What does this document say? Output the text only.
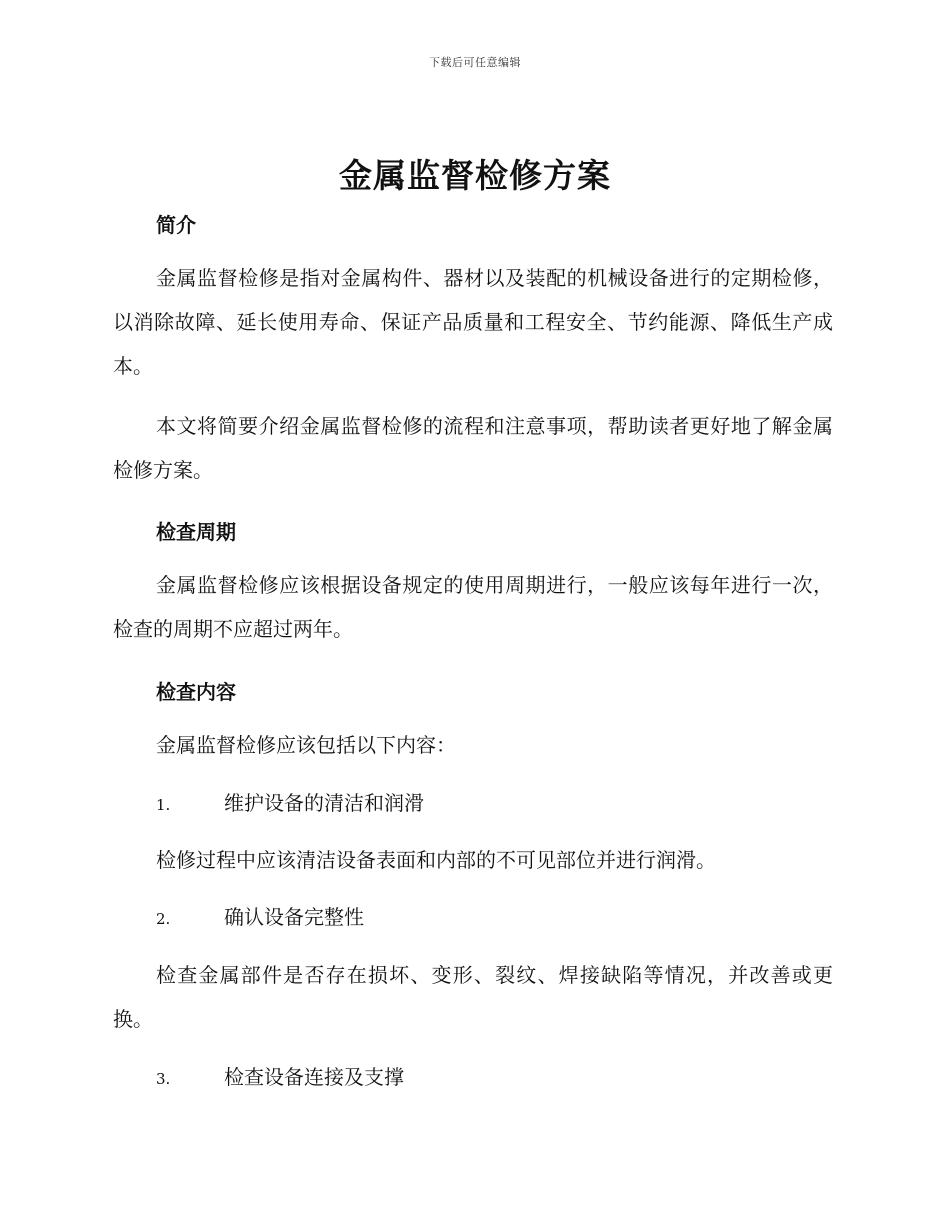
下载后可任意编辑
金属监督检修方案
简介

金属监督检修是指对金属构件、器材以及装配的机械设备进行的定期检修，以消除故障、延长使用寿命、保证产品质量和工程安全、节约能源、降低生产成本。

本文将简要介绍金属监督检修的流程和注意事项，帮助读者更好地了解金属检修方案。

检查周期

金属监督检修应该根据设备规定的使用周期进行，一般应该每年进行一次，检查的周期不应超过两年。

检查内容

金属监督检修应该包括以下内容：

1.	维护设备的清洁和润滑

检修过程中应该清洁设备表面和内部的不可见部位并进行润滑。

2.	确认设备完整性

检查金属部件是否存在损坏、变形、裂纹、焊接缺陷等情况，并改善或更换。

3.	检查设备连接及支撑
